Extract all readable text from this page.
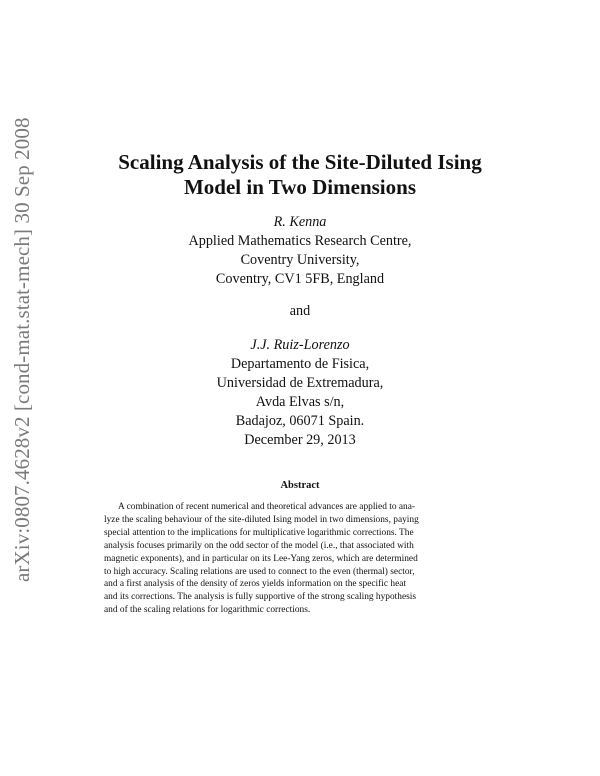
arXiv:0807.4628v2 [cond-mat.stat-mech] 30 Sep 2008	Scaling Analysis of the Site-Diluted Ising
Model in Two Dimensions
R. Kenna
Applied Mathematics Research Centre,
Coventry University,
Coventry, CV1 5FB, England
and
J.J. Ruiz-Lorenzo
Departamento de Fisica,
Universidad de Extremadura,
Avda Elvas s/n,
Badajoz, 06071 Spain.
December 29, 2013
Abstract
A combination of recent numerical and theoretical advances are applied to ana-
lyze the scaling behaviour of the site-diluted Ising model in two dimensions, paying
special attention to the implications for multiplicative logarithmic corrections. The
analysis focuses primarily on the odd sector of the model (i.e., that associated with
magnetic exponents), and in particular on its Lee-Yang zeros, which are determined
to high accuracy. Scaling relations are used to connect to the even (thermal) sector,
and a first analysis of the density of zeros yields information on the specific heat
and its corrections. The analysis is fully supportive of the strong scaling hypothesis
and of the scaling relations for logarithmic corrections.
